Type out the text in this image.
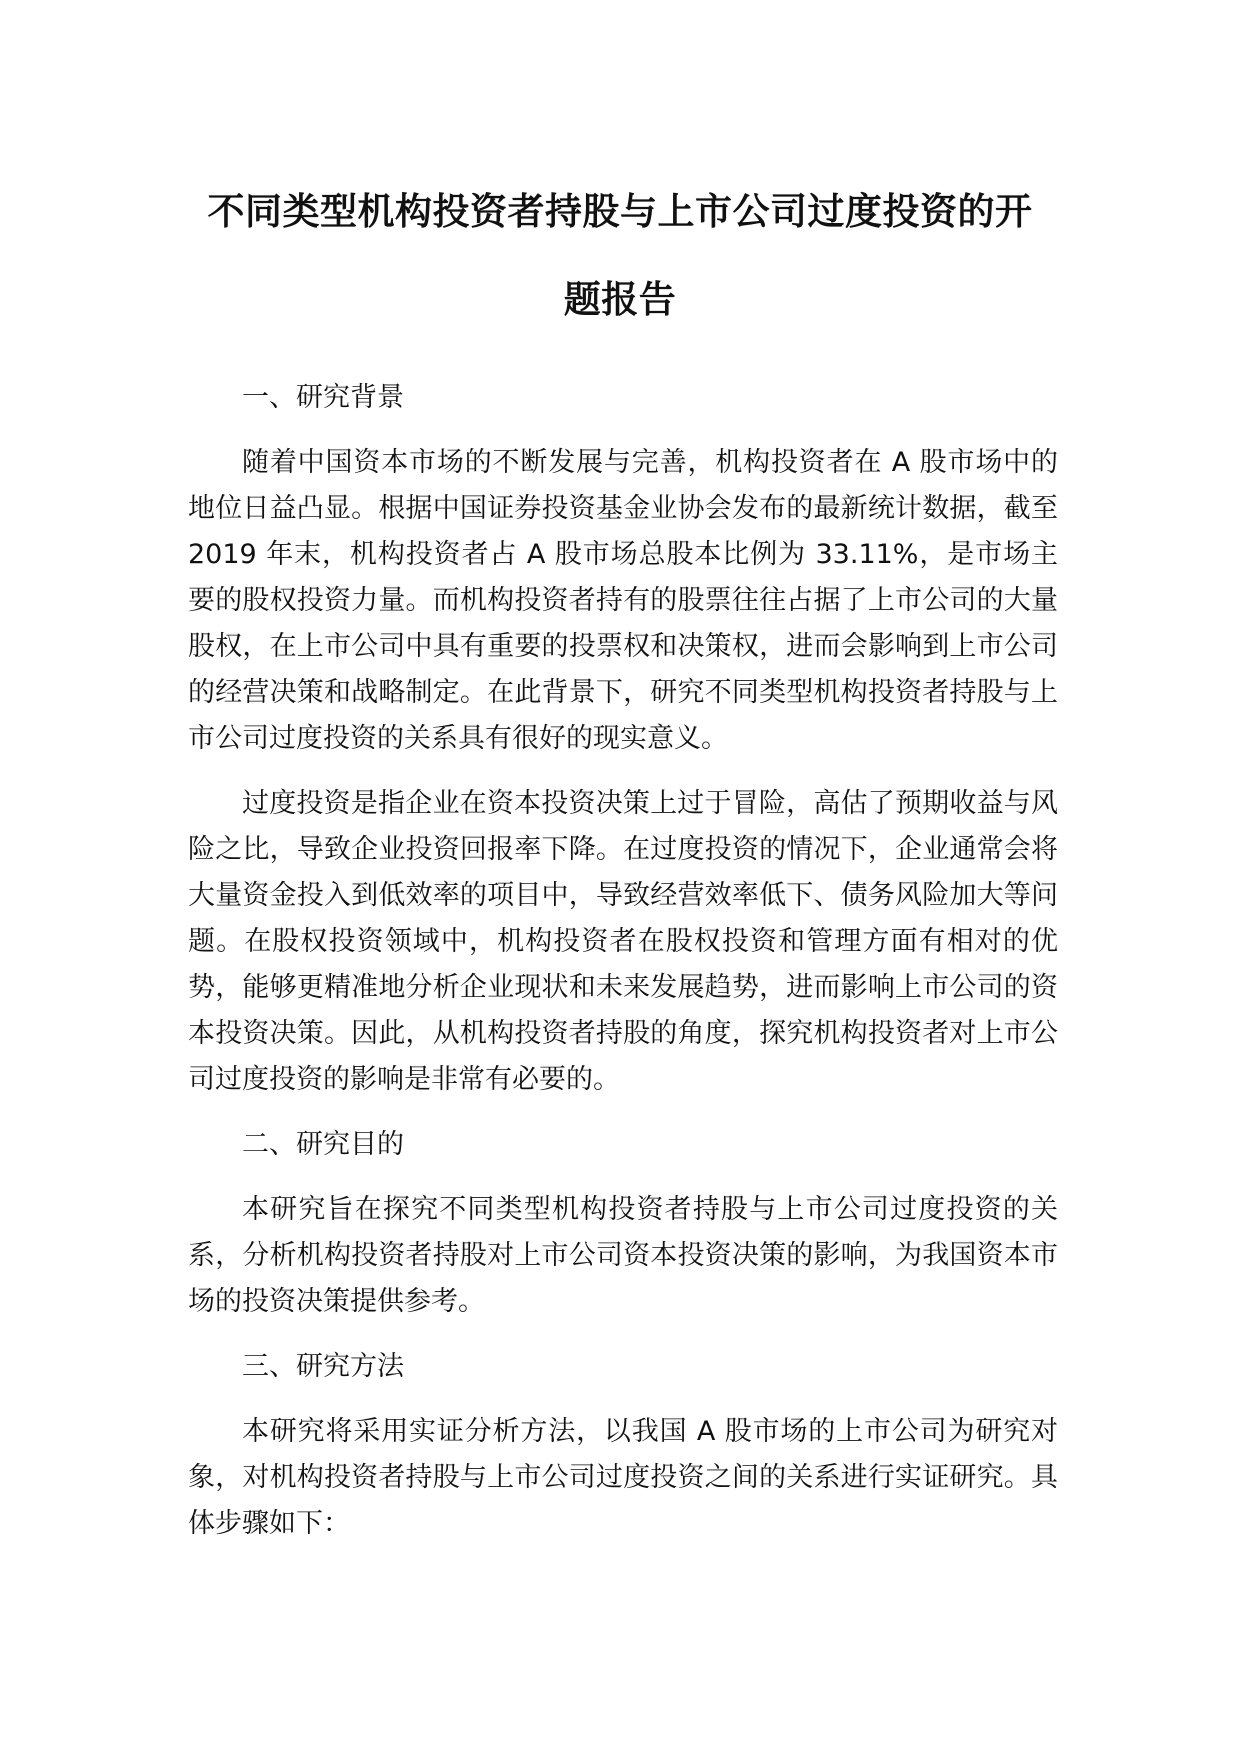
不同类型机构投资者持股与上市公司过度投资的开题报告

一、研究背景

随着中国资本市场的不断发展与完善，机构投资者在 A 股市场中的地位日益凸显。根据中国证券投资基金业协会发布的最新统计数据，截至 2019 年末，机构投资者占 A 股市场总股本比例为 33.11%，是市场主要的股权投资力量。而机构投资者持有的股票往往占据了上市公司的大量股权，在上市公司中具有重要的投票权和决策权，进而会影响到上市公司的经营决策和战略制定。在此背景下，研究不同类型机构投资者持股与上市公司过度投资的关系具有很好的现实意义。

过度投资是指企业在资本投资决策上过于冒险，高估了预期收益与风险之比，导致企业投资回报率下降。在过度投资的情况下，企业通常会将大量资金投入到低效率的项目中，导致经营效率低下、债务风险加大等问题。在股权投资领域中，机构投资者在股权投资和管理方面有相对的优势，能够更精准地分析企业现状和未来发展趋势，进而影响上市公司的资本投资决策。因此，从机构投资者持股的角度，探究机构投资者对上市公司过度投资的影响是非常有必要的。

二、研究目的

本研究旨在探究不同类型机构投资者持股与上市公司过度投资的关系，分析机构投资者持股对上市公司资本投资决策的影响，为我国资本市场的投资决策提供参考。

三、研究方法

本研究将采用实证分析方法，以我国 A 股市场的上市公司为研究对象，对机构投资者持股与上市公司过度投资之间的关系进行实证研究。具体步骤如下：
